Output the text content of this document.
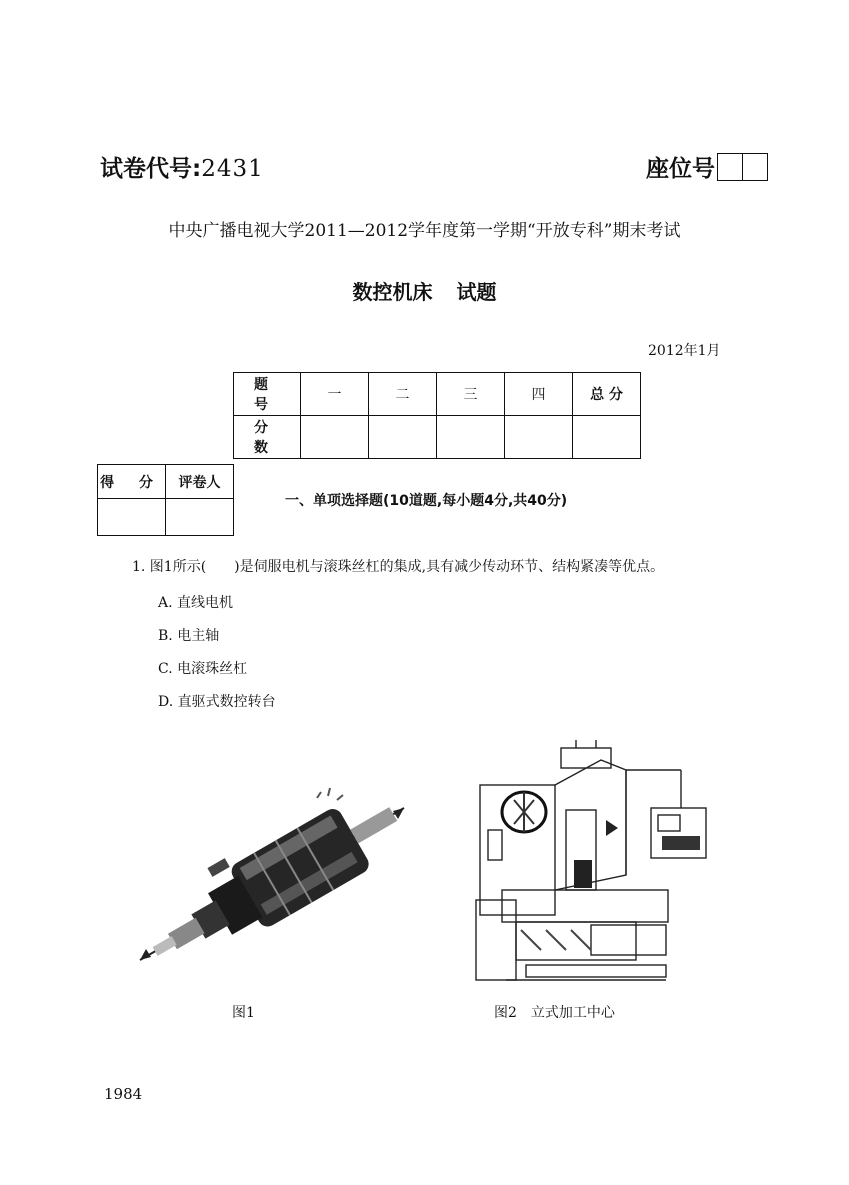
试卷代号:2431	座位号
中央广播电视大学2011—2012学年度第一学期“开放专科”期末考试
数控机床 试题
2012年1月
题 号	一	二	三	四	总 分
分 数					
得 分	评卷人

一、单项选择题(10道题,每小题4分,共40分)
1. 图1所示(　　)是伺服电机与滚珠丝杠的集成,具有减少传动环节、结构紧凑等优点。
A. 直线电机
B. 电主轴
C. 电滚珠丝杠
D. 直驱式数控转台
图1	图2　立式加工中心
1984
